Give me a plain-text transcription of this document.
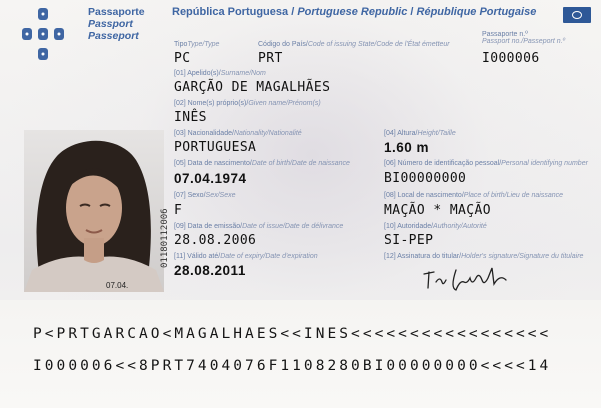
Passaporte
Passport
Passeport
República Portuguesa / Portuguese Republic / République Portugaise
TipoType/Type	Código do País/Code of issuing State/Code de l'État émetteur
Passaporte n.º
Passport no./Passeport n.º
PC	PRT	I000006
[01] Apelido(s)/Surname/Nom
GARÇÃO DE MAGALHÃES
[02] Nome(s) próprio(s)/Given name/Prénom(s)
INÊS
[03] Nacionalidade/Nationality/Nationalité	[04] Altura/Height/Taille
PORTUGUESA	1.60 m
[05] Data de nascimento/Date of birth/Date de naissance	[06] Número de identificação pessoal/Personal identifying number
07.04.1974	BI00000000
[07] Sexo/Sex/Sexe	[08] Local de nascimento/Place of birth/Lieu de naissance
F	MAÇÃO * MAÇÃO
[09] Data de emissão/Date of issue/Date de délivrance	[10] Autoridade/Authority/Autorité
28.08.2006	SI-PEP
[11] Válido até/Date of expiry/Date d'expiration	[12] Assinatura do titular/Holder's signature/Signature du titulaire
28.08.2011
07.04.
01180112006
P<PRTGARCAO<MAGALHAES<<INES<<<<<<<<<<<<<<<<<
I000006<<8PRT7404076F1108280BI00000000<<<<14
